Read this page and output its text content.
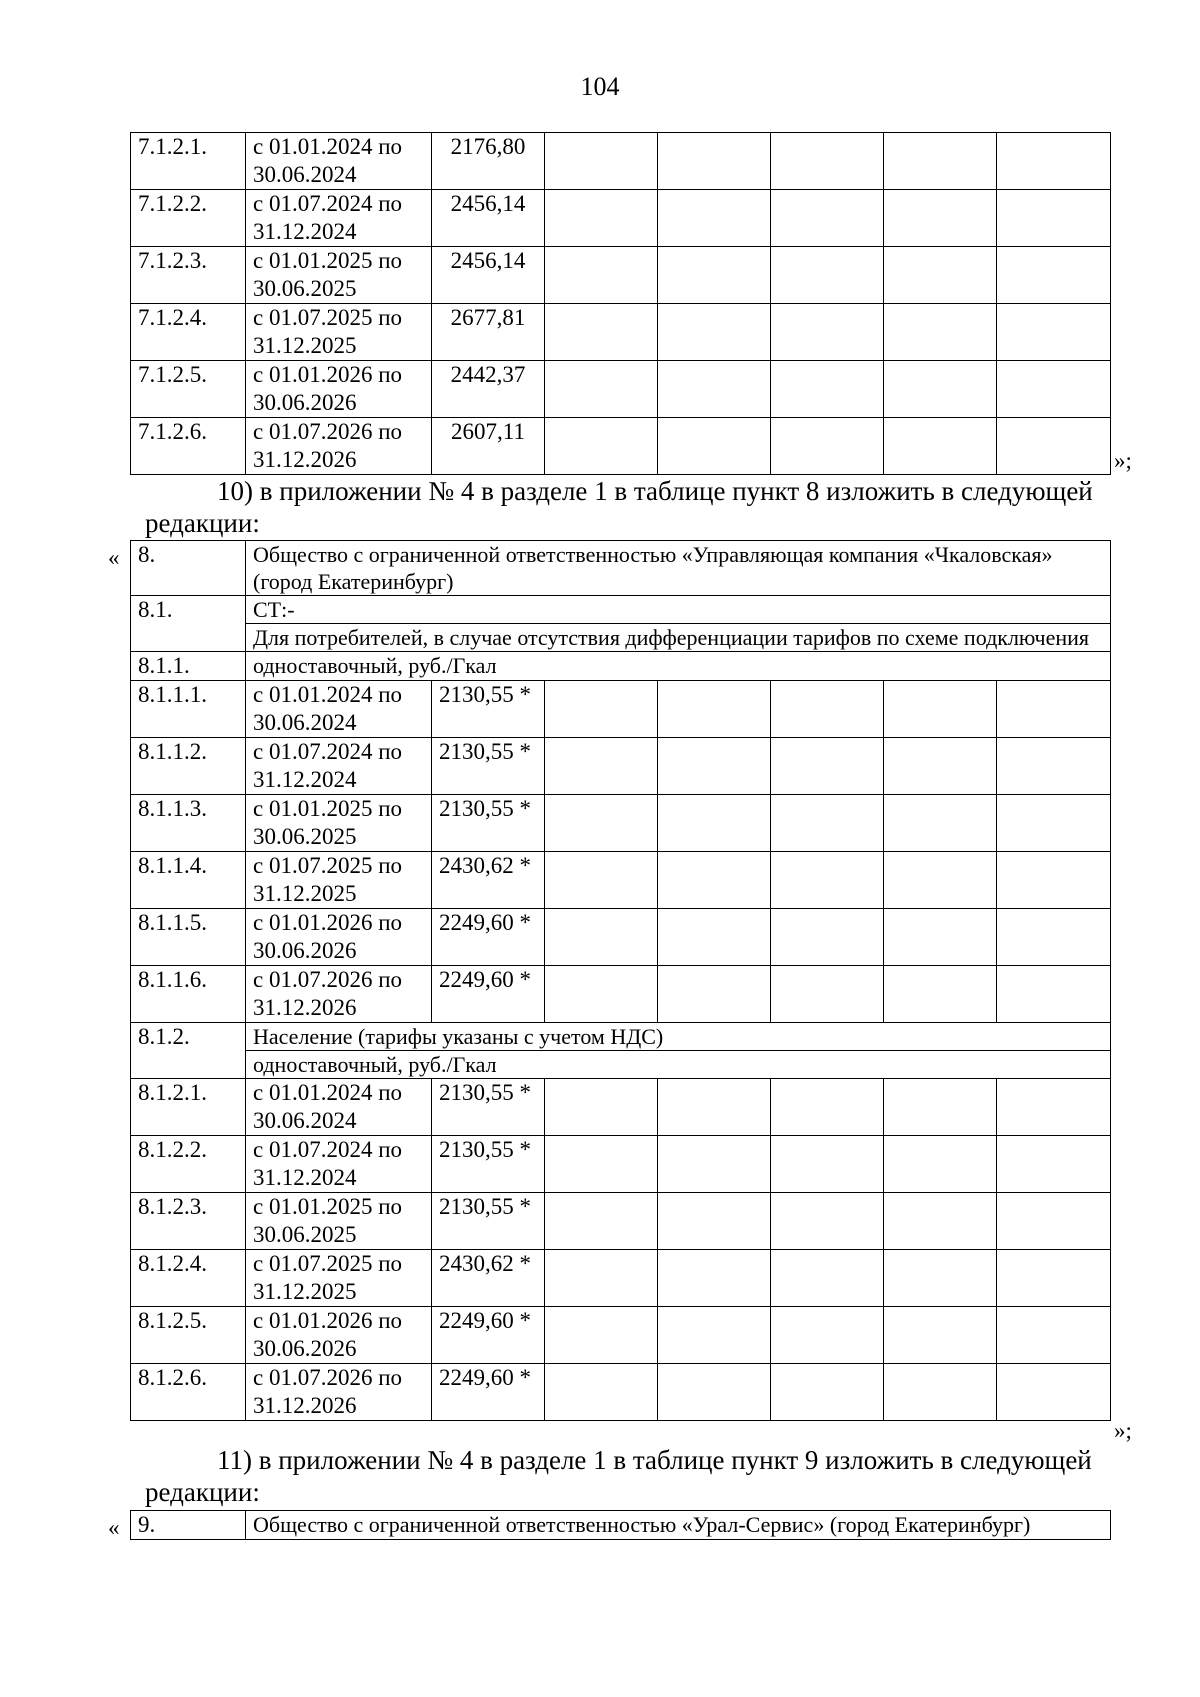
104
7.1.2.1.	с 01.01.2024 по 30.06.2024	2176,80					
7.1.2.2.	с 01.07.2024 по 31.12.2024	2456,14					
7.1.2.3.	с 01.01.2025 по 30.06.2025	2456,14					
7.1.2.4.	с 01.07.2025 по 31.12.2025	2677,81					
7.1.2.5.	с 01.01.2026 по 30.06.2026	2442,37					
7.1.2.6.	с 01.07.2026 по 31.12.2026	2607,11					
»;
10) в приложении № 4 в разделе 1 в таблице пункт 8 изложить в следующей редакции:
« 8.	Общество с ограниченной ответственностью «Управляющая компания «Чкаловская» (город Екатеринбург)						
8.1.	СТ:-						
	Для потребителей, в случае отсутствия дифференциации тарифов по схеме подключения						
8.1.1.	одноставочный, руб./Гкал						
8.1.1.1.	с 01.01.2024 по 30.06.2024	2130,55 *					
8.1.1.2.	с 01.07.2024 по 31.12.2024	2130,55 *					
8.1.1.3.	с 01.01.2025 по 30.06.2025	2130,55 *					
8.1.1.4.	с 01.07.2025 по 31.12.2025	2430,62 *					
8.1.1.5.	с 01.01.2026 по 30.06.2026	2249,60 *					
8.1.1.6.	с 01.07.2026 по 31.12.2026	2249,60 *					
8.1.2.	Население (тарифы указаны с учетом НДС)						
	одноставочный, руб./Гкал						
8.1.2.1.	с 01.01.2024 по 30.06.2024	2130,55 *					
8.1.2.2.	с 01.07.2024 по 31.12.2024	2130,55 *					
8.1.2.3.	с 01.01.2025 по 30.06.2025	2130,55 *					
8.1.2.4.	с 01.07.2025 по 31.12.2025	2430,62 *					
8.1.2.5.	с 01.01.2026 по 30.06.2026	2249,60 *					
8.1.2.6.	с 01.07.2026 по 31.12.2026	2249,60 *					
»;
11) в приложении № 4 в разделе 1 в таблице пункт 9 изложить в следующей редакции:
« 9.	Общество с ограниченной ответственностью «Урал-Сервис» (город Екатеринбург)
